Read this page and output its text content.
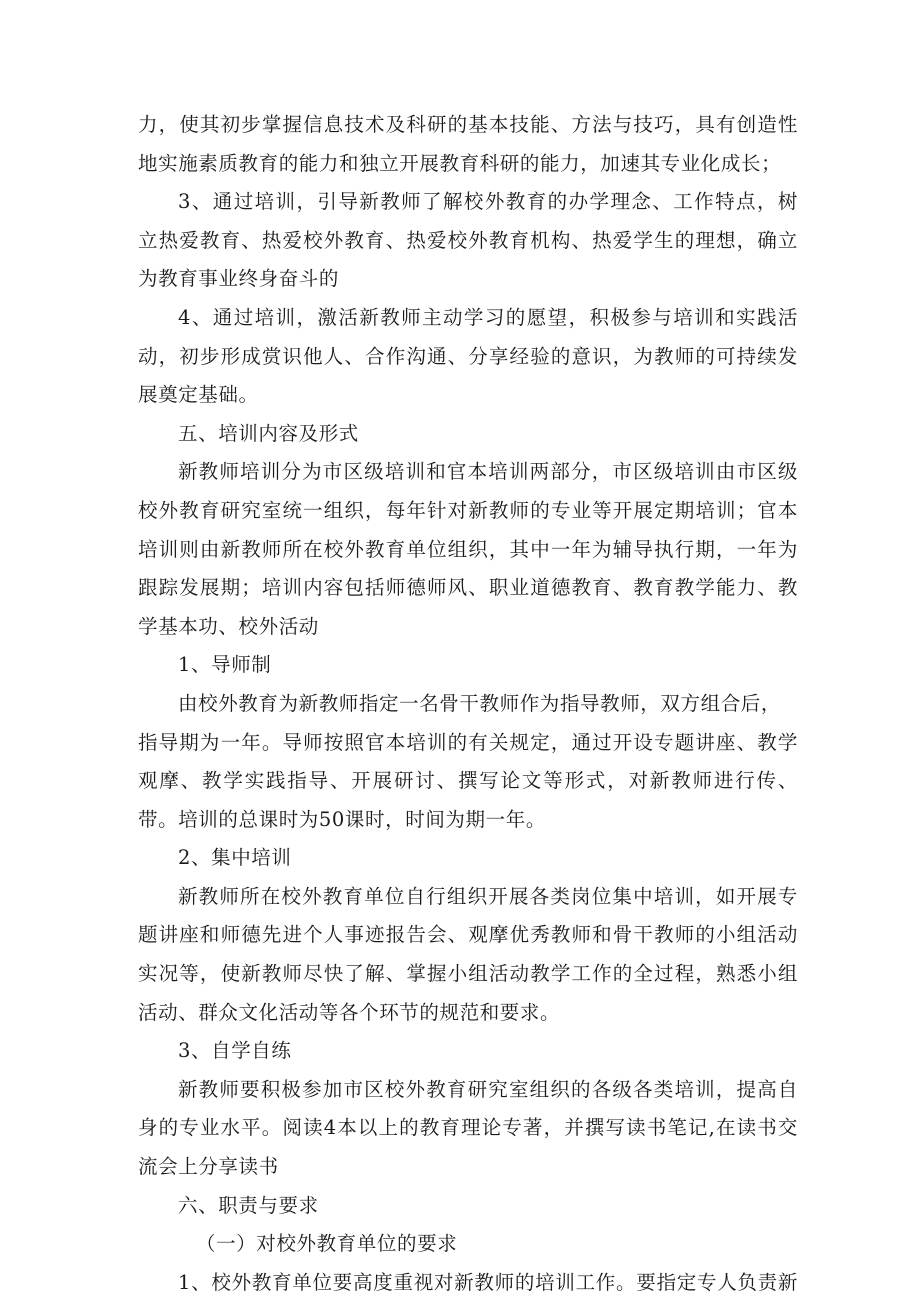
力，使其初步掌握信息技术及科研的基本技能、方法与技巧，具有创造性
地实施素质教育的能力和独立开展教育科研的能力，加速其专业化成长；
3、通过培训，引导新教师了解校外教育的办学理念、工作特点，树
立热爱教育、热爱校外教育、热爱校外教育机构、热爱学生的理想，确立
为教育事业终身奋斗的
4、通过培训，激活新教师主动学习的愿望，积极参与培训和实践活
动，初步形成赏识他人、合作沟通、分享经验的意识，为教师的可持续发
展奠定基础。
五、培训内容及形式
新教师培训分为市区级培训和官本培训两部分，市区级培训由市区级
校外教育研究室统一组织，每年针对新教师的专业等开展定期培训；官本
培训则由新教师所在校外教育单位组织，其中一年为辅导执行期，一年为
跟踪发展期；培训内容包括师德师风、职业道德教育、教育教学能力、教
学基本功、校外活动
1、导师制
由校外教育为新教师指定一名骨干教师作为指导教师，双方组合后，
指导期为一年。导师按照官本培训的有关规定，通过开设专题讲座、教学
观摩、教学实践指导、开展研讨、撰写论文等形式，对新教师进行传、
带。培训的总课时为50课时，时间为期一年。
2、集中培训
新教师所在校外教育单位自行组织开展各类岗位集中培训，如开展专
题讲座和师德先进个人事迹报告会、观摩优秀教师和骨干教师的小组活动
实况等，使新教师尽快了解、掌握小组活动教学工作的全过程，熟悉小组
活动、群众文化活动等各个环节的规范和要求。
3、自学自练
新教师要积极参加市区校外教育研究室组织的各级各类培训，提高自
身的专业水平。阅读4本以上的教育理论专著，并撰写读书笔记,在读书交
流会上分享读书
六、职责与要求
（一）对校外教育单位的要求
1、校外教育单位要高度重视对新教师的培训工作。要指定专人负责新
